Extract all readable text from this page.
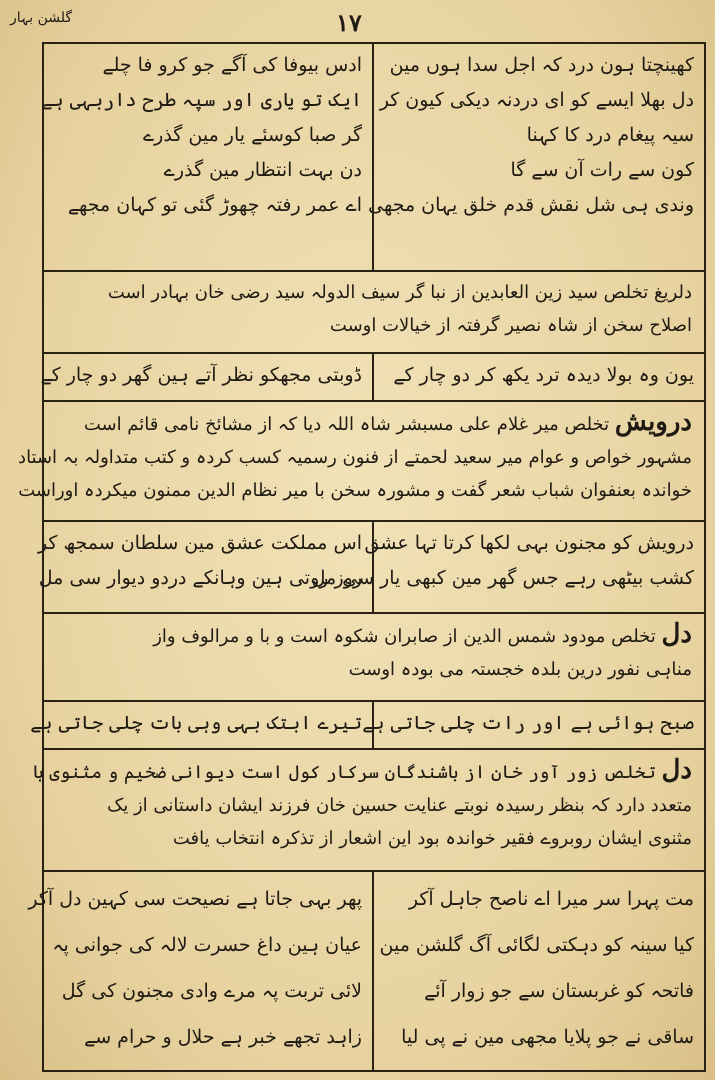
گلشن بہار	۱۷
کھینچتا ہون درد کہ اجل سدا ہوں مین
دل بھلا ایسے کو ای دردنہ دیکی کیون کر
سیہ پیغام درد کا کہنا
کون سے رات آن سے گا
وندی ہی شل نقش قدم خلق یہان مجھی
ادس بیوفا کی آگے جو کرو فا چلے
ایک تو یاری اور سپہ طرح داربہی ہے
گر صبا کوسئے یار مین گذرے
دن بہت انتظار مین گذرے
اے عمر رفتہ چھوڑ گئی تو کہان مجھے
دلریغ تخلص سید زین العابدین از نبا گر سیف الدولہ سید رضی خان بہادر است
اصلاح سخن از شاہ نصیر گرفتہ از خیالات اوست
یون وہ بولا دیدہ ترد یکھ کر دو چار کے
ڈوبتی مجھکو نظر آتے ہین گھر دو چار کے
درویش تخلص میر غلام علی مسبشر شاہ اللہ دیا کہ از مشائخ نامی قائم است
مشہور خواص و عوام میر سعید لحمتے از فنون رسمیہ کسب کردہ و کتب متداولہ بہ استاد
خواندہ بعنفوان شباب شعر گفت و مشورہ سخن با میر نظام الدین ممنون میکردہ اوراست
درویش کو مجنون بہی لکھا کرتا تہا عشق
کشب بیٹھی رہے جس گھر مین کبھی یار سی مل
اس مملکت عشق مین سلطان سمجھ کر
روز روتی ہین وہانکے دردو دیوار سی مل
دل تخلص مودود شمس الدین از صابران شکوہ است و با و مرالوف واز
مناہی نفور درین بلدہ خجستہ می بودہ اوست
صبح ہوائی ہے اور رات چلی جاتی ہے
تیرے ابتک بہی وہی بات چلی جاتی ہے
دل تخلص زور آور خان از باشندگان سرکار کول است دیوانی ضخیم و مثنوی ہا
متعدد دارد کہ بنظر رسیدہ نوبتے عنایت حسین خان فرزند ایشان داستانی از یک
مثنوی ایشان روبروے فقیر خواندہ بود این اشعار از تذکرہ انتخاب یافت
مت پہرا سر میرا اے ناصح جاہل آکر
کیا سینہ کو دہکتی لگائی آگ گلشن مین
فاتحہ کو غربستان سے جو زوار آئے
ساقی نے جو پلایا مجھی مین نے پی لیا
پھر بہی جاتا ہے نصیحت سی کہین دل آکر
عیان ہین داغ حسرت لالہ کی جوانی پہ
لائی تربت پہ مرے وادی مجنون کی گل
زاہد تجھے خبر ہے حلال و حرام سے
